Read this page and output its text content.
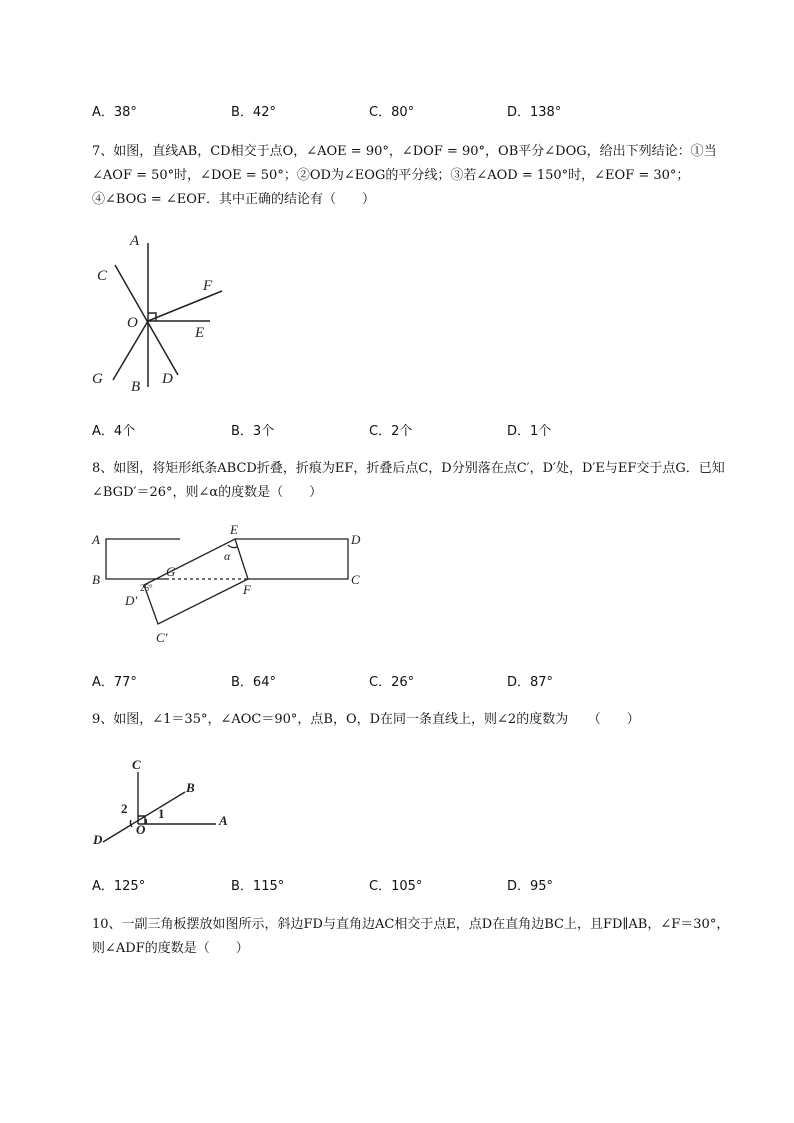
A．38°	B．42°	C．80°	D．138°
7、如图，直线AB，CD相交于点O，∠AOE = 90°，∠DOF = 90°，OB平分∠DOG，给出下列结论：①当∠AOF = 50°时，∠DOE = 50°；②OD为∠EOG的平分线；③若∠AOD = 150°时，∠EOF = 30°；④∠BOG = ∠EOF．其中正确的结论有（　　）
A
C
F
O
E
G B D
A．4个	B．3个	C．2个	D．1个
8、如图，将矩形纸条ABCD折叠，折痕为EF，折叠后点C，D分别落在点C′，D′处，D′E与EF交于点G．已知∠BGD′＝26°，则∠α的度数是（　　）
A
B
D
C
E
α
G
F
D′
C′
26°
A．77°	B．64°	C．26°	D．87°
9、如图，∠1＝35°，∠AOC＝90°，点B，O，D在同一条直线上，则∠2的度数为　　（　　）
C
B
A
D
O
1
2
A．125°	B．115°	C．105°	D．95°
10、一副三角板摆放如图所示，斜边FD与直角边AC相交于点E，点D在直角边BC上，且FD∥AB，∠F＝30°，则∠ADF的度数是（　　）
